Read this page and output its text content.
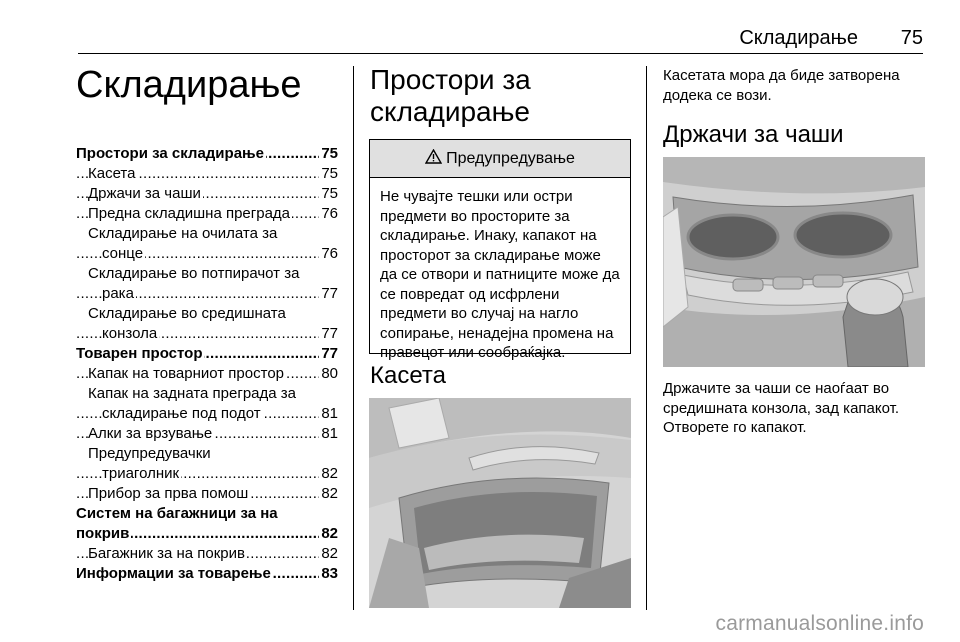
Складирање 75
Складирање
.....
Простори за складирање	75
.....
Касета	75
.....
Држачи за чаши	75
.....
Предна складишна преграда 76
Складирање на очилата за
.....
сонце	76
Складирање во потпирачот за
.....
рака	77
Складирање во средишната
.....
конзола	77
.....
Товарен простор	77
.....
Капак на товарниот простор 80
Капак на задната преграда за
.....
складирање под подот	81
.....
Алки за врзување	81
Предупредувачки
.....
триаголник	82
.....
Прибор за прва помош	82
Систем на багажници за на
.....
покрив	82
.....
Багажник за на покрив	82
.....
Информации за товарење	83
Простори за
складирање
Предупредување
Не чувајте тешки или остри предмети во просторите за складирање. Инаку, капакот на просторот за складирање може да се отвори и патниците може да се повредат од исфрлени предмети во случај на нагло сопирање, ненадејна промена на правецот или сообраќајка.
Касета
Касетата мора да биде затворена додека се вози.
Држачи за чаши
Држачите за чаши се наоѓаат во средишната конзола, зад капакот. Отворете го капакот.
carmanualsonline.info
